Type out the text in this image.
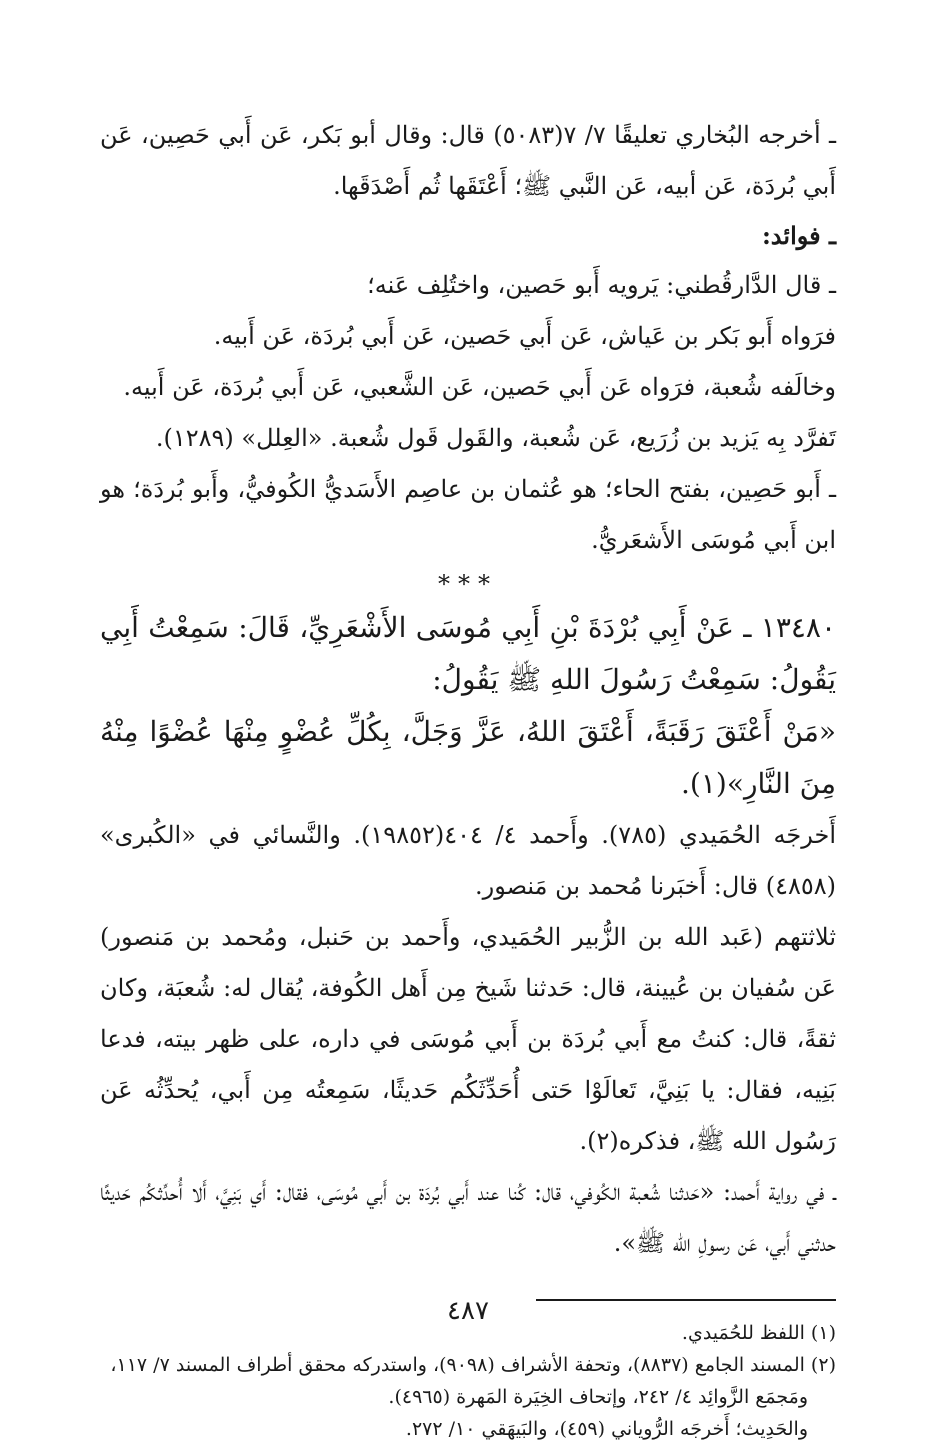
ـ أخرجه البُخاري تعليقًا ٧/ ٧(٥٠٨٣) قال: وقال أبو بَكر، عَن أَبي حَصِين، عَن أَبي بُردَة، عَن أبيه، عَن النَّبي ﷺ؛ أَعْتَقَها ثُم أَصْدَقَها.

ـ فوائد:

ـ قال الدَّارقُطني: يَرويه أَبو حَصين، واختُلِف عَنه؛

فرَواه أَبو بَكر بن عَياش، عَن أَبي حَصين، عَن أَبي بُردَة، عَن أَبيه.

وخالَفه شُعبة، فرَواه عَن أَبي حَصين، عَن الشَّعبي، عَن أَبي بُردَة، عَن أَبيه.

تَفرَّد بِه يَزيد بن زُرَيع، عَن شُعبة، والقَول قَول شُعبة. «العِلل» (١٢٨٩).

ـ أَبو حَصِين، بفتح الحاء؛ هو عُثمان بن عاصِم الأَسَديُّ الكُوفيُّ، وأَبو بُردَة؛ هو ابن أَبي مُوسَى الأَشعَريُّ.

***

١٣٤٨٠ ـ عَنْ أَبِي بُرْدَةَ بْنِ أَبِي مُوسَى الأَشْعَرِيِّ، قَالَ: سَمِعْتُ أَبِي يَقُولُ: سَمِعْتُ رَسُولَ اللهِ ﷺ يَقُولُ:

«مَنْ أَعْتَقَ رَقَبَةً، أَعْتَقَ اللهُ، عَزَّ وَجَلَّ، بِكُلِّ عُضْوٍ مِنْهَا عُضْوًا مِنْهُ مِنَ النَّارِ»(١).

أَخرجَه الحُمَيدي (٧٨٥). وأَحمد ٤/ ٤٠٤(١٩٨٥٢). والنَّسائي في «الكُبرى» (٤٨٥٨) قال: أَخبَرنا مُحمد بن مَنصور.

ثلاثتهم (عَبد الله بن الزُّبير الحُمَيدي، وأَحمد بن حَنبل، ومُحمد بن مَنصور) عَن سُفيان بن عُيينة، قال: حَدثنا شَيخ مِن أَهل الكُوفة، يُقال له: شُعبَة، وكان ثقةً، قال: كنتُ مع أَبي بُردَة بن أَبي مُوسَى في داره، على ظهر بيته، فدعا بَنِيه، فقال: يا بَنِيَّ، تَعالَوْا حَتى أُحَدِّثَكُم حَديثًا، سَمِعتُه مِن أَبي، يُحدِّثُه عَن رَسُول الله ﷺ، فذكره(٢).

ـ في رواية أَحمد: «حَدثنا شُعبة الكُوفي، قال: كُنا عند أَبي بُردَة بن أَبي مُوسَى، فقال: أَي بَنِيَّ، أَلا أُحدِّثكُم حَديثًا حدثني أَبي، عَن رسولِ الله ﷺ».

(١) اللفظ للحُمَيدي.

(٢) المسند الجامع (٨٨٣٧)، وتحفة الأشراف (٩٠٩٨)، واستدركه محقق أطراف المسند ٧/ ١١٧،

ومَجمَع الزَّوائِد ٤/ ٢٤٢، وإتحاف الخِيَرة المَهرة (٤٩٦٥).

والحَدِيث؛ أَخرجَه الرُّوياني (٤٥٩)، والبَيهَقي ١٠/ ٢٧٢.

٤٨٧
